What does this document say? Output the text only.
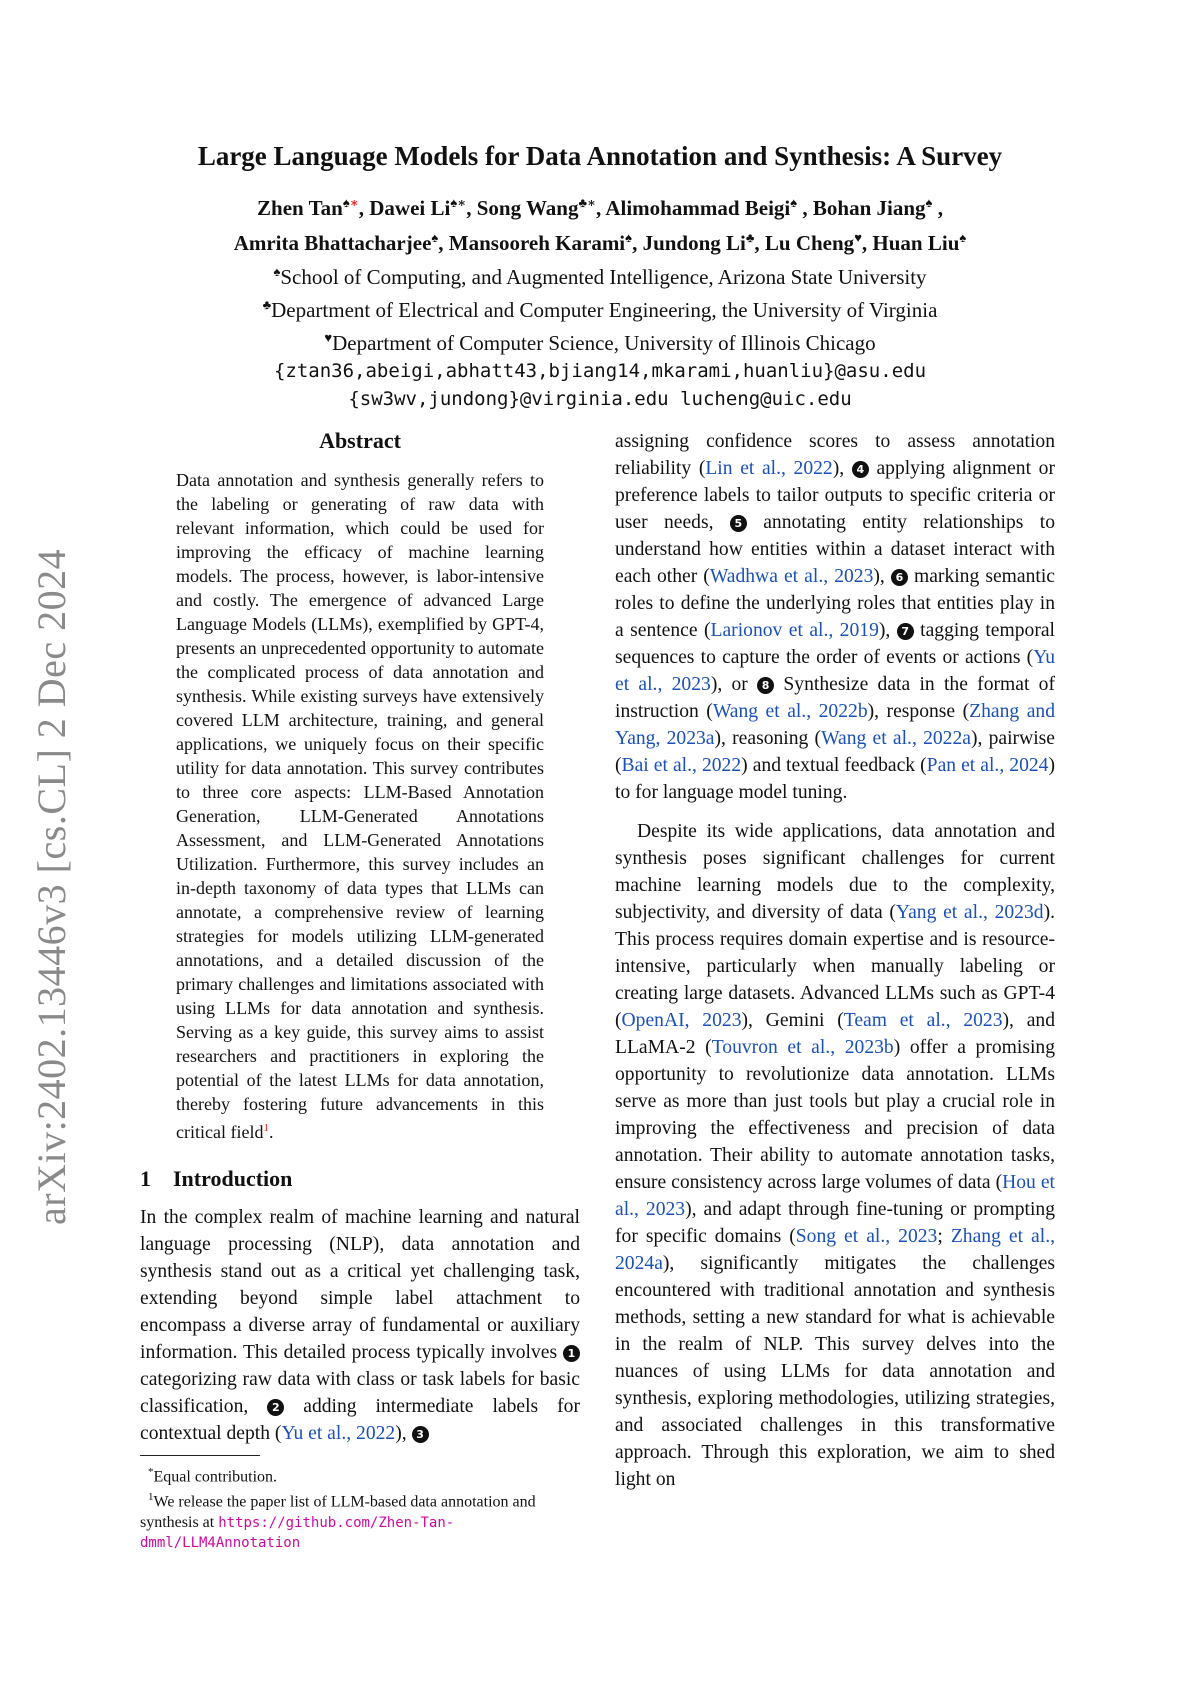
arXiv:2402.13446v3 [cs.CL] 2 Dec 2024
Large Language Models for Data Annotation and Synthesis: A Survey
Zhen Tan♠∗, Dawei Li♠∗, Song Wang♣∗, Alimohammad Beigi♠ , Bohan Jiang♠ ,
Amrita Bhattacharjee♠, Mansooreh Karami♠, Jundong Li♣, Lu Cheng♥, Huan Liu♠
♠School of Computing, and Augmented Intelligence, Arizona State University
♣Department of Electrical and Computer Engineering, the University of Virginia
♥Department of Computer Science, University of Illinois Chicago
{ztan36,abeigi,abhatt43,bjiang14,mkarami,huanliu}@asu.edu
{sw3wv,jundong}@virginia.edu lucheng@uic.edu
Abstract

Data annotation and synthesis generally refers to the labeling or generating of raw data with relevant information, which could be used for improving the efficacy of machine learning models. The process, however, is labor-intensive and costly. The emergence of advanced Large Language Models (LLMs), exemplified by GPT-4, presents an unprecedented opportunity to automate the complicated process of data annotation and synthesis. While existing surveys have extensively covered LLM architecture, training, and general applications, we uniquely focus on their specific utility for data annotation. This survey contributes to three core aspects: LLM-Based Annotation Generation, LLM-Generated Annotations Assessment, and LLM-Generated Annotations Utilization. Furthermore, this survey includes an in-depth taxonomy of data types that LLMs can annotate, a comprehensive review of learning strategies for models utilizing LLM-generated annotations, and a detailed discussion of the primary challenges and limitations associated with using LLMs for data annotation and synthesis. Serving as a key guide, this survey aims to assist researchers and practitioners in exploring the potential of the latest LLMs for data annotation, thereby fostering future advancements in this critical field$^1$.

1 Introduction

In the complex realm of machine learning and natural language processing (NLP), data annotation and synthesis stand out as a critical yet challenging task, extending beyond simple label attachment to encompass a diverse array of fundamental or auxiliary information. This detailed process typically involves 1 categorizing raw data with class or task labels for basic classification, 2 adding intermediate labels for contextual depth (Yu et al., 2022), 3

assigning confidence scores to assess annotation reliability (Lin et al., 2022), 4 applying alignment or preference labels to tailor outputs to specific criteria or user needs, 5 annotating entity relationships to understand how entities within a dataset interact with each other (Wadhwa et al., 2023), 6 marking semantic roles to define the underlying roles that entities play in a sentence (Larionov et al., 2019), 7 tagging temporal sequences to capture the order of events or actions (Yu et al., 2023), or 8 Synthesize data in the format of instruction (Wang et al., 2022b), response (Zhang and Yang, 2023a), reasoning (Wang et al., 2022a), pairwise (Bai et al., 2022) and textual feedback (Pan et al., 2024) to for language model tuning.

Despite its wide applications, data annotation and synthesis poses significant challenges for current machine learning models due to the complexity, subjectivity, and diversity of data (Yang et al., 2023d). This process requires domain expertise and is resource-intensive, particularly when manually labeling or creating large datasets. Advanced LLMs such as GPT-4 (OpenAI, 2023), Gemini (Team et al., 2023), and LLaMA-2 (Touvron et al., 2023b) offer a promising opportunity to revolutionize data annotation. LLMs serve as more than just tools but play a crucial role in improving the effectiveness and precision of data annotation. Their ability to automate annotation tasks, ensure consistency across large volumes of data (Hou et al., 2023), and adapt through fine-tuning or prompting for specific domains (Song et al., 2023; Zhang et al., 2024a), significantly mitigates the challenges encountered with traditional annotation and synthesis methods, setting a new standard for what is achievable in the realm of NLP. This survey delves into the nuances of using LLMs for data annotation and synthesis, exploring methodologies, utilizing strategies, and associated challenges in this transformative approach. Through this exploration, we aim to shed light on

*Equal contribution.

$^1$We release the paper list of LLM-based data annotation and synthesis at https://github.com/Zhen-Tan-dmml/LLM4Annotation
